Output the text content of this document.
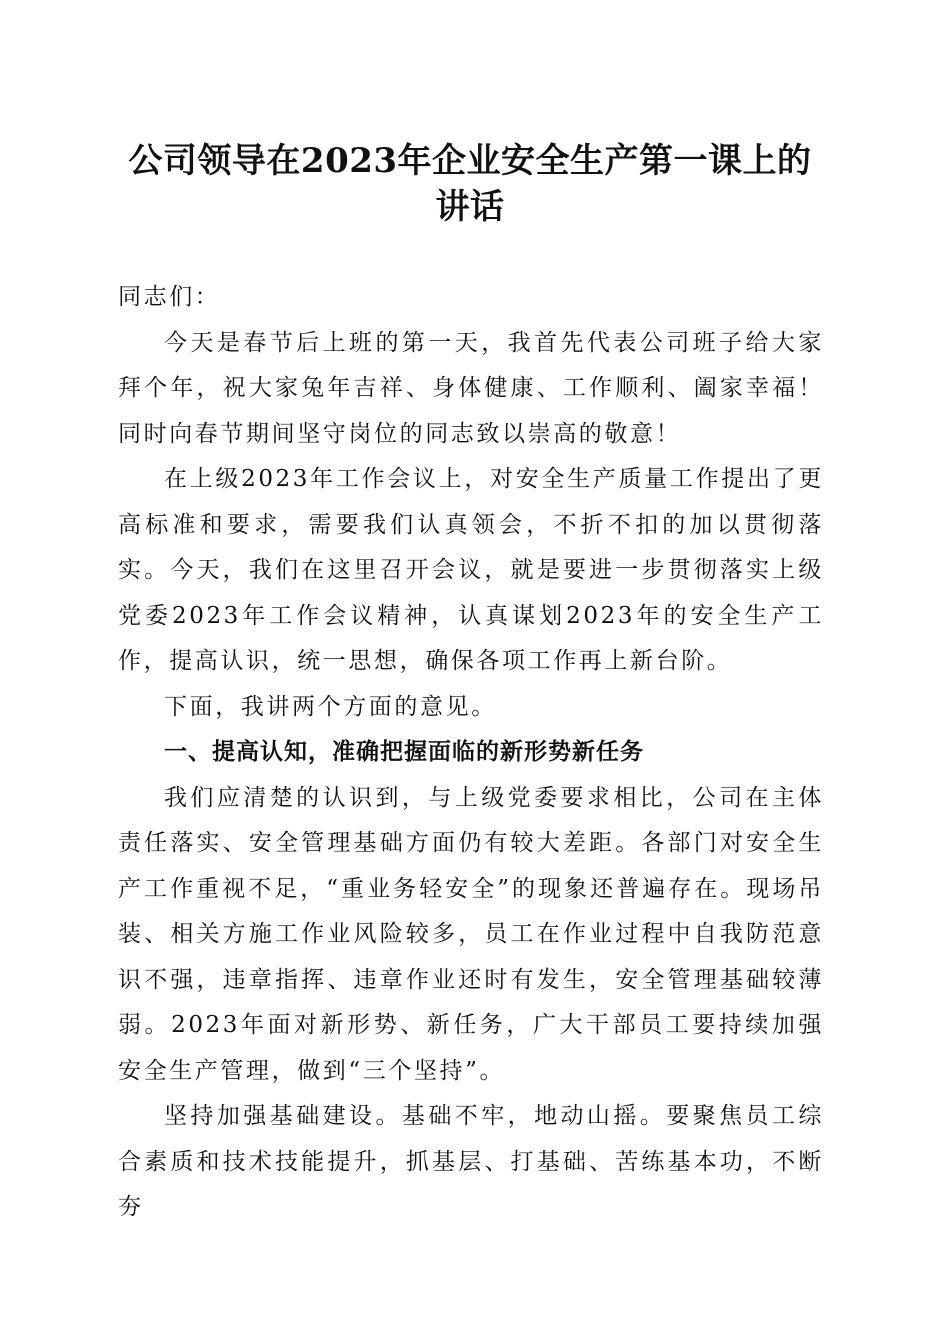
公司领导在2023年企业安全生产第一课上的
讲话

同志们：

今天是春节后上班的第一天，我首先代表公司班子给大家拜个年，祝大家兔年吉祥、身体健康、工作顺利、阖家幸福！同时向春节期间坚守岗位的同志致以崇高的敬意！

在上级2023年工作会议上，对安全生产质量工作提出了更高标准和要求，需要我们认真领会，不折不扣的加以贯彻落实。今天，我们在这里召开会议，就是要进一步贯彻落实上级党委2023年工作会议精神，认真谋划2023年的安全生产工作，提高认识，统一思想，确保各项工作再上新台阶。

下面，我讲两个方面的意见。

一、提高认知，准确把握面临的新形势新任务

我们应清楚的认识到，与上级党委要求相比，公司在主体责任落实、安全管理基础方面仍有较大差距。各部门对安全生产工作重视不足，“重业务轻安全”的现象还普遍存在。现场吊装、相关方施工作业风险较多，员工在作业过程中自我防范意识不强，违章指挥、违章作业还时有发生，安全管理基础较薄弱。2023年面对新形势、新任务，广大干部员工要持续加强安全生产管理，做到“三个坚持”。

坚持加强基础建设。基础不牢，地动山摇。要聚焦员工综合素质和技术技能提升，抓基层、打基础、苦练基本功，不断夯
